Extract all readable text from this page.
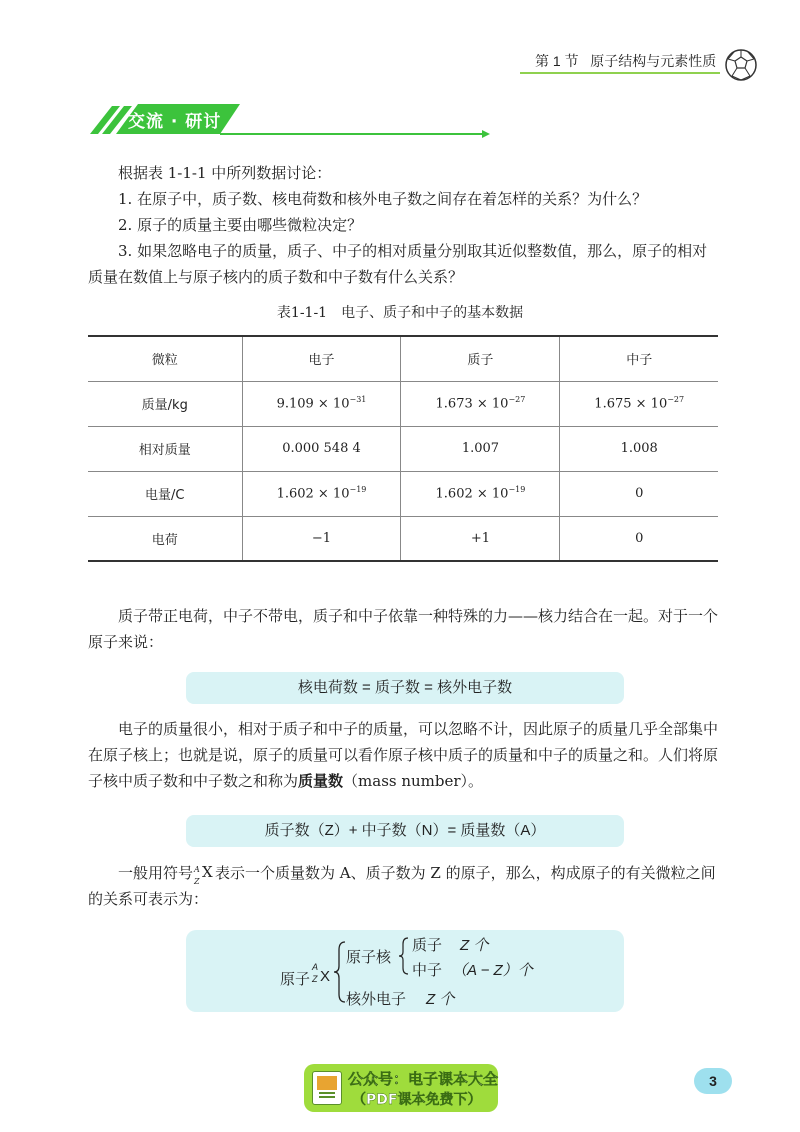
第 1 节 原子结构与元素性质
交流 · 研讨
根据表 1-1-1 中所列数据讨论：
1. 在原子中，质子数、核电荷数和核外电子数之间存在着怎样的关系？为什么？
2. 原子的质量主要由哪些微粒决定？
3. 如果忽略电子的质量，质子、中子的相对质量分别取其近似整数值，那么，原子的相对质量在数值上与原子核内的质子数和中子数有什么关系？
表1-1-1　电子、质子和中子的基本数据
微粒	电子	质子	中子
质量/kg	$9.109 \times 10^{-31}$	$1.673 \times 10^{-27}$	$1.675 \times 10^{-27}$
相对质量	0.000 548 4	1.007	1.008
电量/C	$1.602 \times 10^{-19}$	$1.602 \times 10^{-19}$	0
电荷	−1	+1	0
质子带正电荷，中子不带电，质子和中子依靠一种特殊的力——核力结合在一起。对于一个原子来说：
核电荷数 = 质子数 = 核外电子数
电子的质量很小，相对于质子和中子的质量，可以忽略不计，因此原子的质量几乎全部集中在原子核上；也就是说，原子的质量可以看作原子核中质子的质量和中子的质量之和。人们将原子核中质子数和中子数之和称为质量数（mass number）。
质子数（Z）+ 中子数（N）= 质量数（A）
一般用符号 A
Z
X 表示一个质量数为 A、质子数为 Z 的原子，那么，构成原子的有关微粒之间的关系可表示为：
原子
A
Z X
原子核
质子 Z 个
中子 （A − Z）个
核外电子 Z 个
公众号：电子课本大全
（PDF课本免费下）
3
